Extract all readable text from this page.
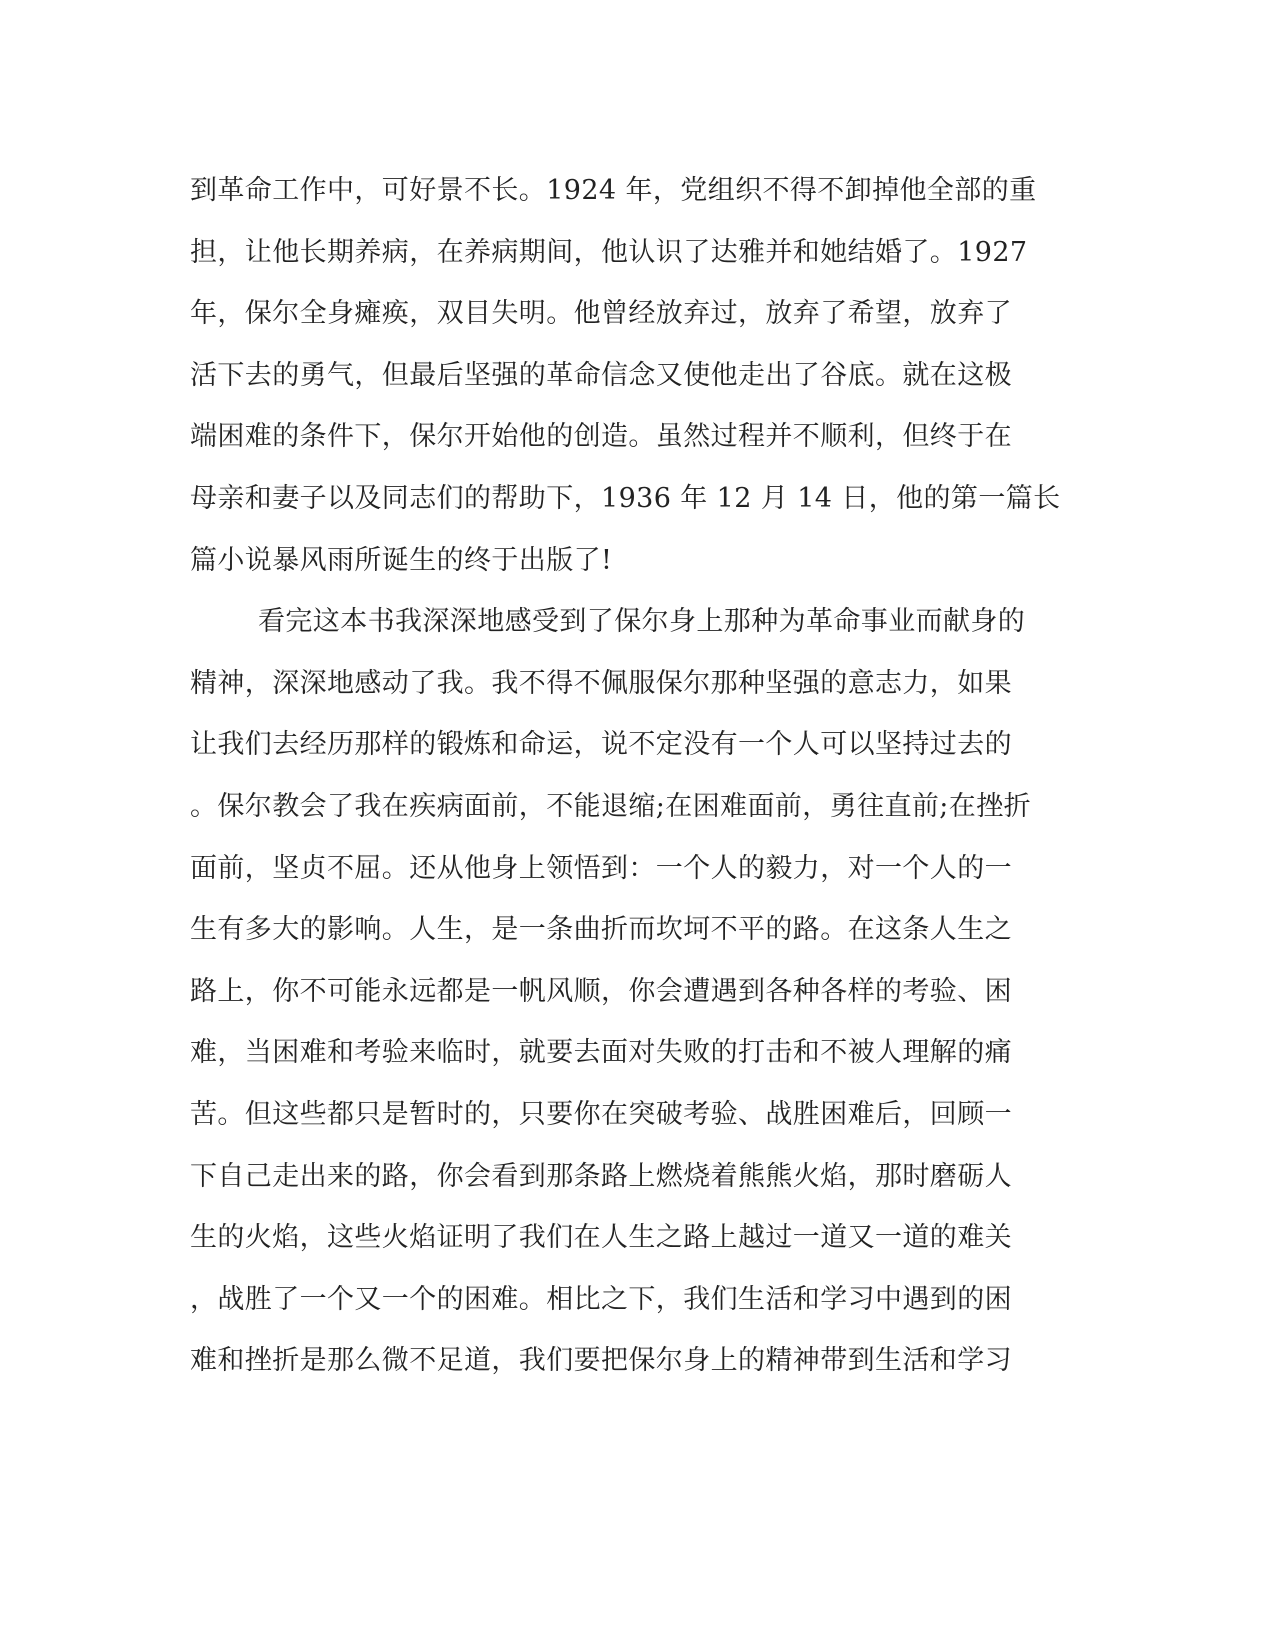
到革命工作中，可好景不长。1924 年，党组织不得不卸掉他全部的重
担，让他长期养病，在养病期间，他认识了达雅并和她结婚了。1927
年，保尔全身瘫痪，双目失明。他曾经放弃过，放弃了希望，放弃了
活下去的勇气，但最后坚强的革命信念又使他走出了谷底。就在这极
端困难的条件下，保尔开始他的创造。虽然过程并不顺利，但终于在
母亲和妻子以及同志们的帮助下，1936 年 12 月 14 日，他的第一篇长
篇小说暴风雨所诞生的终于出版了!
看完这本书我深深地感受到了保尔身上那种为革命事业而献身的
精神，深深地感动了我。我不得不佩服保尔那种坚强的意志力，如果
让我们去经历那样的锻炼和命运，说不定没有一个人可以坚持过去的
。保尔教会了我在疾病面前，不能退缩;在困难面前，勇往直前;在挫折
面前，坚贞不屈。还从他身上领悟到：一个人的毅力，对一个人的一
生有多大的影响。人生，是一条曲折而坎坷不平的路。在这条人生之
路上，你不可能永远都是一帆风顺，你会遭遇到各种各样的考验、困
难，当困难和考验来临时，就要去面对失败的打击和不被人理解的痛
苦。但这些都只是暂时的，只要你在突破考验、战胜困难后，回顾一
下自己走出来的路，你会看到那条路上燃烧着熊熊火焰，那时磨砺人
生的火焰，这些火焰证明了我们在人生之路上越过一道又一道的难关
，战胜了一个又一个的困难。相比之下，我们生活和学习中遇到的困
难和挫折是那么微不足道，我们要把保尔身上的精神带到生活和学习
